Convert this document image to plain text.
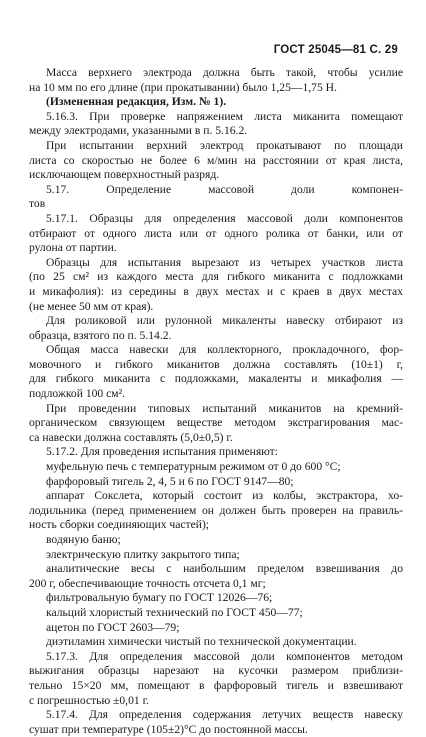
ГОСТ 25045—81 С. 29
Масса верхнего электрода должна быть такой, чтобы усилие
на 10 мм по его длине (при прокатывании) было 1,25—1,75 Н.
(Измененная редакция, Изм. № 1).
5.16.3. При проверке напряжением листа миканита помещают
между электродами, указанными в п. 5.16.2.
При испытании верхний электрод прокатывают по площади
листа со скоростью не более 6 м/мин на расстоянии от края листа,
исключающем поверхностный разряд.
5.17. Определение массовой доли компонен-
тов
5.17.1. Образцы для определения массовой доли компонентов
отбирают от одного листа или от одного ролика от банки, или от
рулона от партии.
Образцы для испытания вырезают из четырех участков листа
(по 25 см² из каждого места для гибкого миканита с подложками
и микафолия): из середины в двух местах и с краев в двух местах
(не менее 50 мм от края).
Для роликовой или рулонной микаленты навеску отбирают из
образца, взятого по п. 5.14.2.
Общая масса навески для коллекторного, прокладочного, фор-
мовочного и гибкого миканитов должна составлять (10±1) г,
для гибкого миканита с подложками, макаленты и микафолия —
подложкой 100 см².
При проведении типовых испытаний миканитов на кремний-
органическом связующем веществе методом экстрагирования мас-
са навески должна составлять (5,0±0,5) г.
5.17.2. Для проведения испытания применяют:
муфельную печь с температурным режимом от 0 до 600 °С;
фарфоровый тигель 2, 4, 5 и 6 по ГОСТ 9147—80;
аппарат Сокслета, который состоит из колбы, экстрактора, хо-
лодильника (перед применением он должен быть проверен на правиль-
ность сборки соединяющих частей);
водяную баню;
электрическую плитку закрытого типа;
аналитические весы с наибольшим пределом взвешивания до
200 г, обеспечивающие точность отсчета 0,1 мг;
фильтровальную бумагу по ГОСТ 12026—76;
кальций хлористый технический по ГОСТ 450—77;
ацетон по ГОСТ 2603—79;
диэтиламин химически чистый по технической документации.
5.17.3. Для определения массовой доли компонентов методом
выжигания образцы нарезают на кусочки размером приблизи-
тельно 15×20 мм, помещают в фарфоровый тигель и взвешивают
с погрешностью ±0,01 г.
5.17.4. Для определения содержания летучих веществ навеску
сушат при температуре (105±2)°С до постоянной массы.
